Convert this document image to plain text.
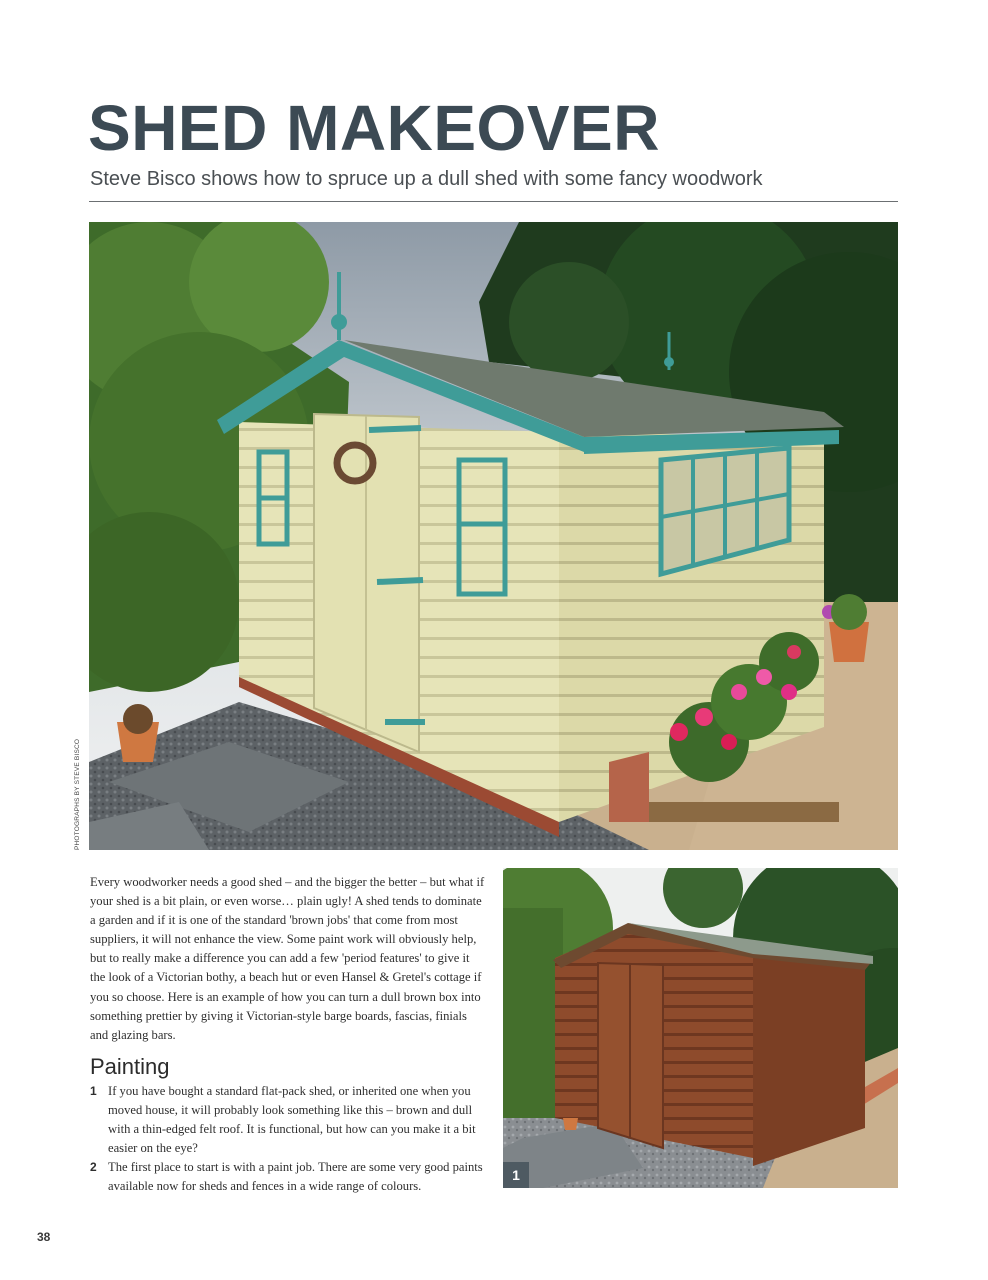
SHED MAKEOVER

Steve Bisco shows how to spruce up a dull shed with some fancy woodwork

PHOTOGRAPHS BY STEVE BISCO

Every woodworker needs a good shed – and the bigger the better – but what if your shed is a bit plain, or even worse… plain ugly! A shed tends to dominate a garden and if it is one of the standard 'brown jobs' that come from most suppliers, it will not enhance the view. Some paint work will obviously help, but to really make a difference you can add a few 'period features' to give it the look of a Victorian bothy, a beach hut or even Hansel & Gretel's cottage if you so choose. Here is an example of how you can turn a dull brown box into something prettier by giving it Victorian-style barge boards, fascias, finials and glazing bars.

Painting
1 If you have bought a standard flat-pack shed, or inherited one when you moved house, it will probably look something like this – brown and dull with a thin-edged felt roof. It is functional, but how can you make it a bit easier on the eye?
2 The first place to start is with a paint job. There are some very good paints available now for sheds and fences in a wide range of colours.
1
38
